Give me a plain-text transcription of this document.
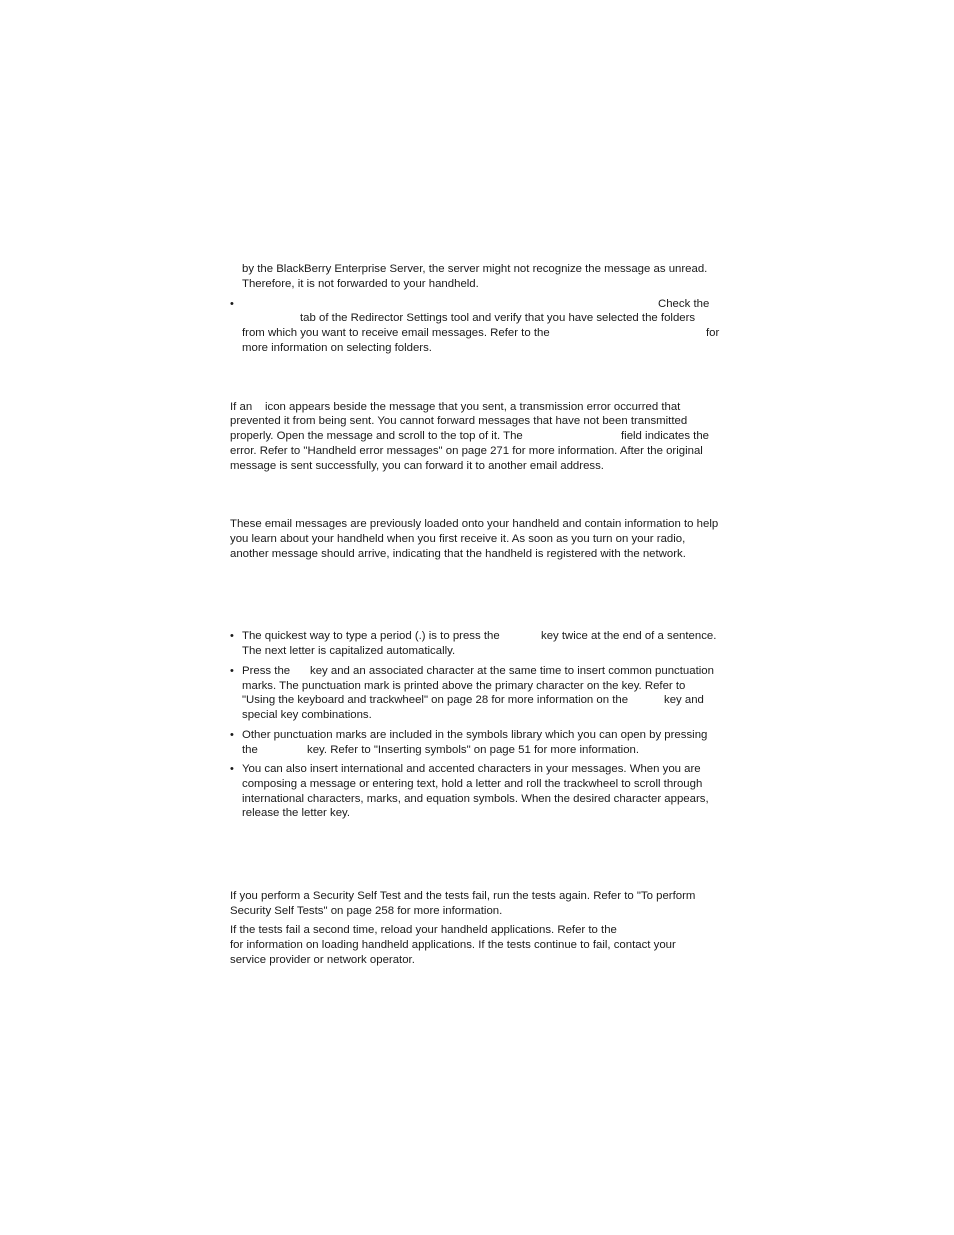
by the BlackBerry Enterprise Server, the server might not recognize the message as unread.

Therefore, it is not forwarded to your handheld.

•	Check the

tab of the Redirector Settings tool and verify that you have selected the folders

from which you want to receive email messages. Refer to the	for

more information on selecting folders.

If an icon appears beside the message that you sent, a transmission error occurred that

prevented it from being sent. You cannot forward messages that have not been transmitted

properly. Open the message and scroll to the top of it. The	field indicates the

error. Refer to "Handheld error messages" on page 271 for more information. After the original

message is sent successfully, you can forward it to another email address.

These email messages are previously loaded onto your handheld and contain information to help

you learn about your handheld when you first receive it. As soon as you turn on your radio,

another message should arrive, indicating that the handheld is registered with the network.

• The quickest way to type a period (.) is to press the	key twice at the end of a sentence.

The next letter is capitalized automatically.

• Press the key and an associated character at the same time to insert common punctuation

marks. The punctuation mark is printed above the primary character on the key. Refer to

"Using the keyboard and trackwheel" on page 28 for more information on the	key and

special key combinations.

• Other punctuation marks are included in the symbols library which you can open by pressing

the	key. Refer to "Inserting symbols" on page 51 for more information.

• You can also insert international and accented characters in your messages. When you are

composing a message or entering text, hold a letter and roll the trackwheel to scroll through

international characters, marks, and equation symbols. When the desired character appears,

release the letter key.

If you perform a Security Self Test and the tests fail, run the tests again. Refer to "To perform

Security Self Tests" on page 258 for more information.

If the tests fail a second time, reload your handheld applications. Refer to the

for information on loading handheld applications. If the tests continue to fail, contact your

service provider or network operator.
